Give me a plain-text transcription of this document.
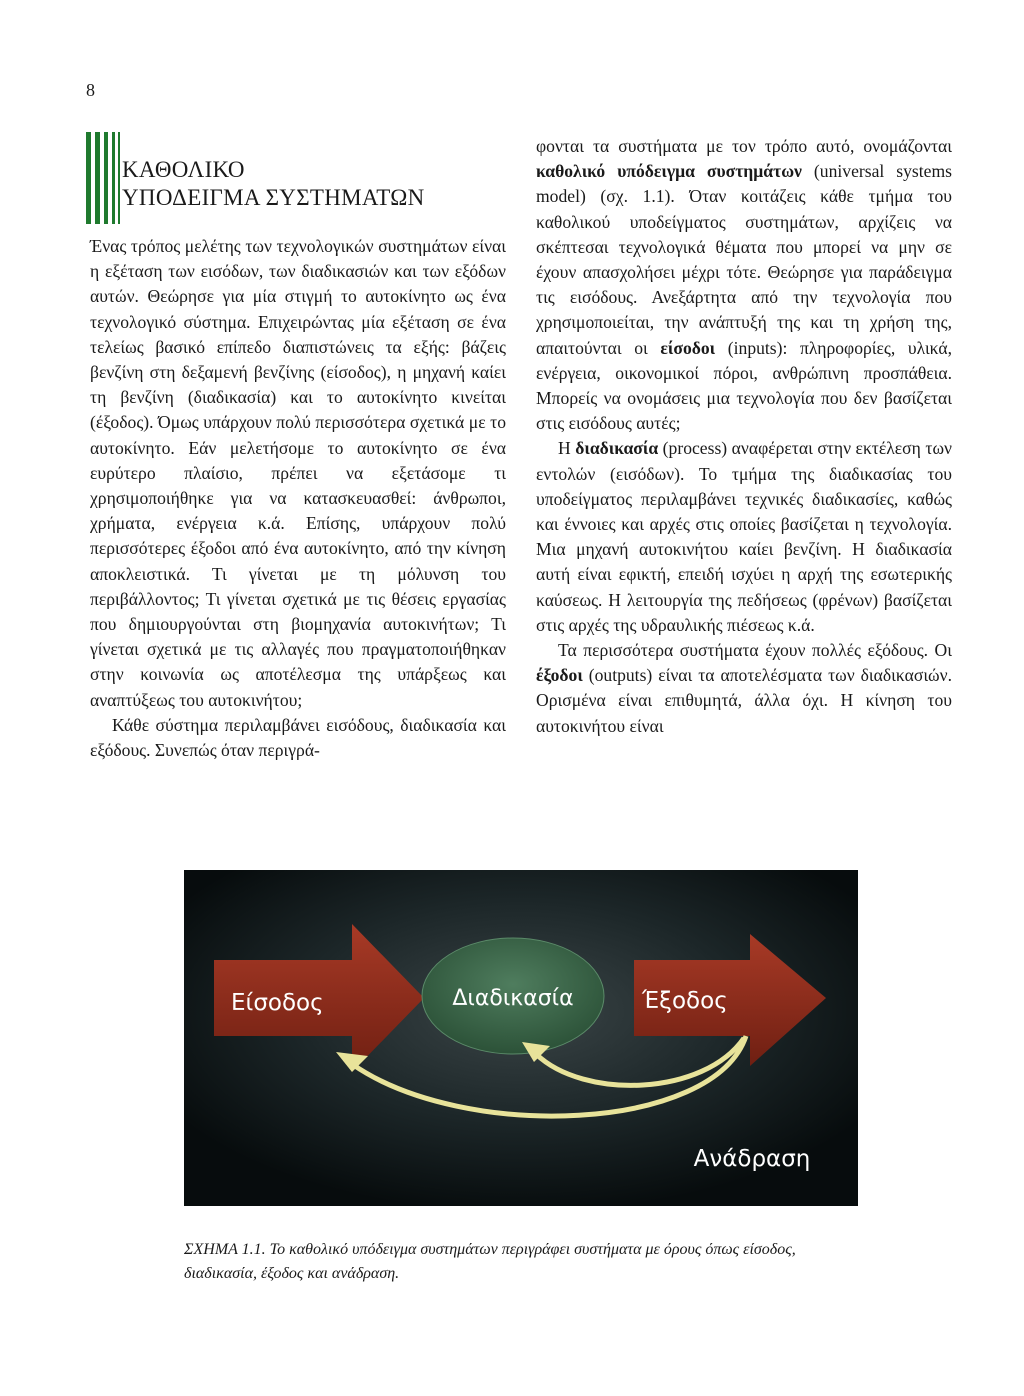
8
ΚΑΘΟΛΙΚΟ
ΥΠΟΔΕΙΓΜΑ ΣΥΣΤΗΜΑΤΩΝ

Ένας τρόπος μελέτης των τεχνολογικών συστημάτων είναι η εξέταση των εισόδων, των διαδικασιών και των εξόδων αυτών. Θεώρησε για μία στιγμή το αυτοκίνητο ως ένα τεχνολογικό σύστημα. Επιχειρώντας μία εξέταση σε ένα τελείως βασικό επίπεδο διαπιστώνεις τα εξής: βάζεις βενζίνη στη δεξαμενή βενζίνης (είσοδος), η μηχανή καίει τη βενζίνη (διαδικασία) και το αυτοκίνητο κινείται (έξοδος). Όμως υπάρχουν πολύ περισσότερα σχετικά με το αυτοκίνητο. Εάν μελετήσομε το αυτοκίνητο σε ένα ευρύτερο πλαίσιο, πρέπει να εξετάσομε τι χρησιμοποιήθηκε για να κατασκευασθεί: άνθρωποι, χρήματα, ενέργεια κ.ά. Επίσης, υπάρχουν πολύ περισσότερες έξοδοι από ένα αυτοκίνητο, από την κίνηση αποκλειστικά. Τι γίνεται με τη μόλυνση του περιβάλλοντος; Τι γίνεται σχετικά με τις θέσεις εργασίας που δημιουργούνται στη βιομηχανία αυτοκινήτων; Τι γίνεται σχετικά με τις αλλαγές που πραγματοποιήθηκαν στην κοινωνία ως αποτέλεσμα της υπάρξεως και αναπτύξεως του αυτοκινήτου;

Κάθε σύστημα περιλαμβάνει εισόδους, διαδικασία και εξόδους. Συνεπώς όταν περιγρά-

φονται τα συστήματα με τον τρόπο αυτό, ονομάζονται καθολικό υπόδειγμα συστημάτων (universal systems model) (σχ. 1.1). Όταν κοιτάζεις κάθε τμήμα του καθολικού υποδείγματος συστημάτων, αρχίζεις να σκέπτεσαι τεχνολογικά θέματα που μπορεί να μην σε έχουν απασχολήσει μέχρι τότε. Θεώρησε για παράδειγμα τις εισόδους. Ανεξάρτητα από την τεχνολογία που χρησιμοποιείται, την ανάπτυξή της και τη χρήση της, απαιτούνται οι είσοδοι (inputs): πληροφορίες, υλικά, ενέργεια, οικονομικοί πόροι, ανθρώπινη προσπάθεια. Μπορείς να ονομάσεις μια τεχνολογία που δεν βασίζεται στις εισόδους αυτές;

Η διαδικασία (process) αναφέρεται στην εκτέλεση των εντολών (εισόδων). Το τμήμα της διαδικασίας του υποδείγματος περιλαμβάνει τεχνικές διαδικασίες, καθώς και έννοιες και αρχές στις οποίες βασίζεται η τεχνολογία. Μια μηχανή αυτοκινήτου καίει βενζίνη. Η διαδικασία αυτή είναι εφικτή, επειδή ισχύει η αρχή της εσωτερικής καύσεως. Η λειτουργία της πεδήσεως (φρένων) βασίζεται στις αρχές της υδραυλικής πιέσεως κ.ά.

Τα περισσότερα συστήματα έχουν πολλές εξόδους. Οι έξοδοι (outputs) είναι τα αποτελέσματα των διαδικασιών. Ορισμένα είναι επιθυμητά, άλλα όχι. Η κίνηση του αυτοκινήτου είναι

Είσοδος	Διαδικασία	Έξοδος
Ανάδραση
ΣΧΗΜΑ 1.1. Το καθολικό υπόδειγμα συστημάτων περιγράφει συστήματα με όρους όπως είσοδος, διαδικασία, έξοδος και ανάδραση.
